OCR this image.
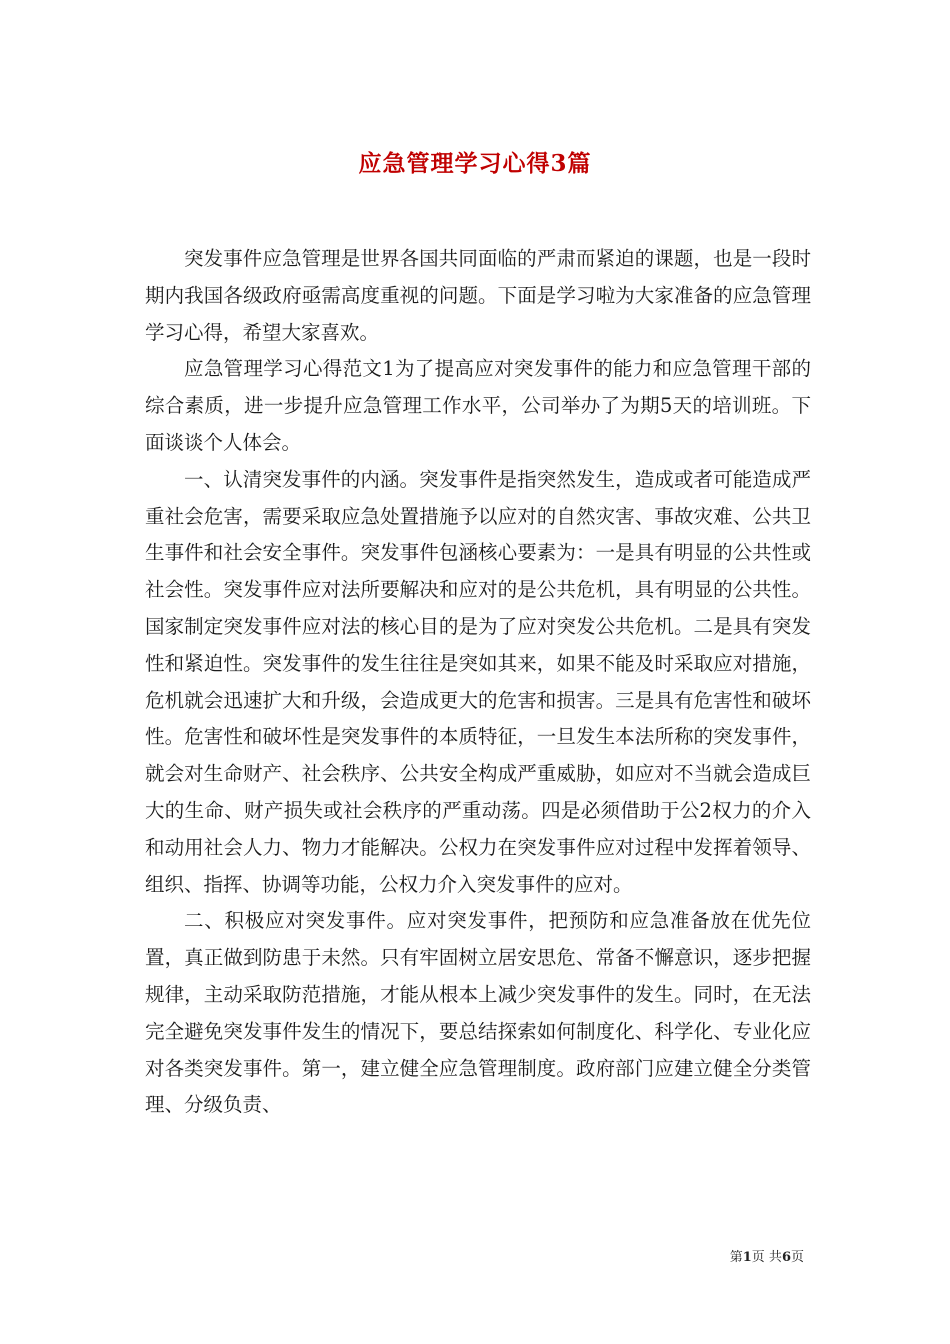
应急管理学习心得3篇

突发事件应急管理是世界各国共同面临的严肃而紧迫的课题，也是一段时期内我国各级政府亟需高度重视的问题。下面是学习啦为大家准备的应急管理学习心得，希望大家喜欢。

应急管理学习心得范文1为了提高应对突发事件的能力和应急管理干部的综合素质，进一步提升应急管理工作水平，公司举办了为期5天的培训班。下面谈谈个人体会。

一、认清突发事件的内涵。突发事件是指突然发生，造成或者可能造成严重社会危害，需要采取应急处置措施予以应对的自然灾害、事故灾难、公共卫生事件和社会安全事件。突发事件包涵核心要素为：一是具有明显的公共性或社会性。突发事件应对法所要解决和应对的是公共危机，具有明显的公共性。国家制定突发事件应对法的核心目的是为了应对突发公共危机。二是具有突发性和紧迫性。突发事件的发生往往是突如其来，如果不能及时采取应对措施，危机就会迅速扩大和升级，会造成更大的危害和损害。三是具有危害性和破坏性。危害性和破坏性是突发事件的本质特征，一旦发生本法所称的突发事件，就会对生命财产、社会秩序、公共安全构成严重威胁，如应对不当就会造成巨大的生命、财产损失或社会秩序的严重动荡。四是必须借助于公2权力的介入和动用社会人力、物力才能解决。公权力在突发事件应对过程中发挥着领导、组织、指挥、协调等功能，公权力介入突发事件的应对。

二、积极应对突发事件。应对突发事件，把预防和应急准备放在优先位置，真正做到防患于未然。只有牢固树立居安思危、常备不懈意识，逐步把握规律，主动采取防范措施，才能从根本上减少突发事件的发生。同时，在无法完全避免突发事件发生的情况下，要总结探索如何制度化、科学化、专业化应对各类突发事件。第一，建立健全应急管理制度。政府部门应建立健全分类管理、分级负责、

第1页 共6页
